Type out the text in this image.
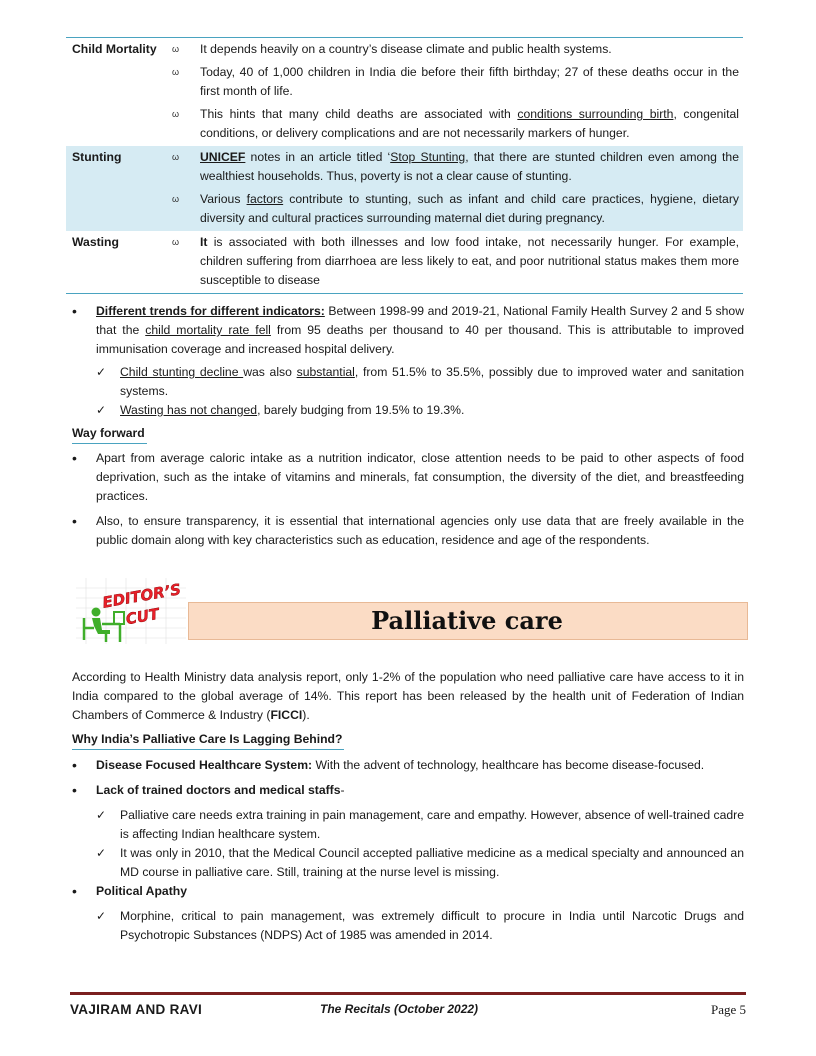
Child Mortality	ω	It depends heavily on a country’s disease climate and public health systems.
ω	Today, 40 of 1,000 children in India die before their fifth birthday; 27 of these deaths occur in the first month of life.
ω	This hints that many child deaths are associated with conditions surrounding birth, congenital conditions, or delivery complications and are not necessarily markers of hunger.
Stunting	ω	UNICEF notes in an article titled ‘Stop Stunting, that there are stunted children even among the wealthiest households. Thus, poverty is not a clear cause of stunting.
ω	Various factors contribute to stunting, such as infant and child care practices, hygiene, dietary diversity and cultural practices surrounding maternal diet during pregnancy.
Wasting	ω	It is associated with both illnesses and low food intake, not necessarily hunger. For example, children suffering from diarrhoea are less likely to eat, and poor nutritional status makes them more susceptible to disease
•	Different trends for different indicators: Between 1998-99 and 2019-21, National Family Health Survey 2 and 5 show that the child mortality rate fell from 95 deaths per thousand to 40 per thousand. This is attributable to improved immunisation coverage and increased hospital delivery.
✓	Child stunting decline was also substantial, from 51.5% to 35.5%, possibly due to improved water and sanitation systems.
✓	Wasting has not changed, barely budging from 19.5% to 19.3%.
Way forward
•	Apart from average caloric intake as a nutrition indicator, close attention needs to be paid to other aspects of food deprivation, such as the intake of vitamins and minerals, fat consumption, the diversity of the diet, and breastfeeding practices.
•	Also, to ensure transparency, it is essential that international agencies only use data that are freely available in the public domain along with key characteristics such as education, residence and age of the respondents.
EDITOR’S
CUT	Palliative care
According to Health Ministry data analysis report, only 1-2% of the population who need palliative care have access to it in India compared to the global average of 14%. This report has been released by the health unit of Federation of Indian Chambers of Commerce & Industry (FICCI).
Why India’s Palliative Care Is Lagging Behind?
•	Disease Focused Healthcare System: With the advent of technology, healthcare has become disease-focused.
•	Lack of trained doctors and medical staffs-
✓	Palliative care needs extra training in pain management, care and empathy. However, absence of well-trained cadre is affecting Indian healthcare system.
✓	It was only in 2010, that the Medical Council accepted palliative medicine as a medical specialty and announced an MD course in palliative care. Still, training at the nurse level is missing.
•	Political Apathy
✓	Morphine, critical to pain management, was extremely difficult to procure in India until Narcotic Drugs and Psychotropic Substances (NDPS) Act of 1985 was amended in 2014.
VAJIRAM AND RAVI	The Recitals (October 2022)	Page 5
